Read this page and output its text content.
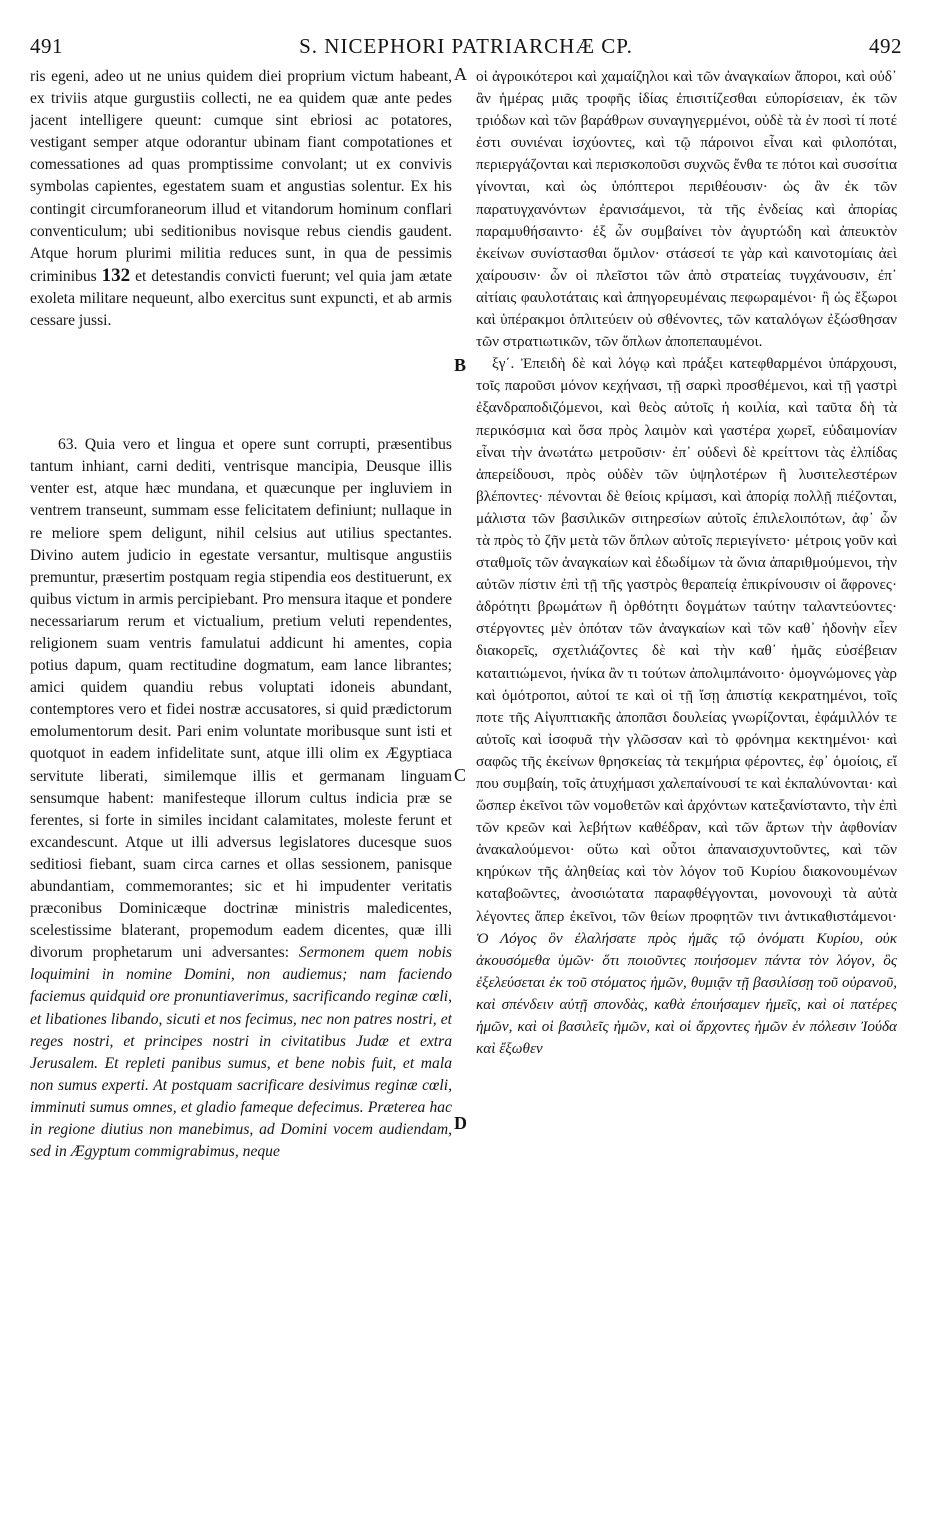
491	S. NICEPHORI PATRIARCHÆ CP.	492

ris egeni, adeo ut ne unius quidem diei proprium victum habeant, ex triviis atque gurgustiis collecti, ne ea quidem quæ ante pedes jacent intelligere queunt: cumque sint ebriosi ac potatores, vestigant semper atque odorantur ubinam fiant compotationes et comessationes ad quas promptissime convolant; ut ex convivis symbolas capientes, egestatem suam et angustias solentur. Ex his contingit circumforaneorum illud et vitandorum hominum conflari conventiculum; ubi seditionibus novisque rebus ciendis gaudent. Atque horum plurimi militia reduces sunt, in qua de pessimis criminibus 132 et detestandis convicti fuerunt; vel quia jam ætate exoleta militare nequeunt, albo exercitus sunt expuncti, et ab armis cessare jussi.

63. Quia vero et lingua et opere sunt corrupti, præsentibus tantum inhiant, carni dediti, ventrisque mancipia, Deusque illis venter est, atque hæc mundana, et quæcunque per ingluviem in ventrem transeunt, summam esse felicitatem definiunt; nullaque in re meliore spem deligunt, nihil celsius aut utilius spectantes. Divino autem judicio in egestate versantur, multisque angustiis premuntur, præsertim postquam regia stipendia eos destituerunt, ex quibus victum in armis percipiebant. Pro mensura itaque et pondere necessariarum rerum et victualium, pretium veluti rependentes, religionem suam ventris famulatui addicunt hi amentes, copia potius dapum, quam rectitudine dogmatum, eam lance librantes; amici quidem quandiu rebus voluptati idoneis abundant, contemptores vero et fidei nostræ accusatores, si quid prædictorum emolumentorum desit. Pari enim voluntate moribusque sunt isti et quotquot in eadem infidelitate sunt, atque illi olim ex Ægyptiaca servitute liberati, similemque illis et germanam linguam sensumque habent: manifesteque illorum cultus indicia præ se ferentes, si forte in similes incidant calamitates, moleste ferunt et excandescunt. Atque ut illi adversus legislatores ducesque suos seditiosi fiebant, suam circa carnes et ollas sessionem, panisque abundantiam, commemorantes; sic et hi impudenter veritatis præconibus Dominicæque doctrinæ ministris maledicentes, scelestissime blaterant, propemodum eadem dicentes, quæ illi divorum prophetarum uni adversantes: Sermonem quem nobis loquimini in nomine Domini, non audiemus; nam faciendo faciemus quidquid ore pronuntiaverimus, sacrificando reginæ cœli, et libationes libando, sicuti et nos fecimus, nec non patres nostri, et reges nostri, et principes nostri in civitatibus Judæ et extra Jerusalem. Et repleti panibus sumus, et bene nobis fuit, et mala non sumus experti. At postquam sacrificare desivimus reginæ cœli, imminuti sumus omnes, et gladio fameque defecimus. Præterea hac in regione diutius non manebimus, ad Domini vocem audiendam, sed in Ægyptum commigrabimus, neque

A
B
C
D

οἱ ἀγροικότεροι καὶ χαμαίζηλοι καὶ τῶν ἀναγκαίων ἄποροι, καὶ οὐδ᾽ ἂν ἡμέρας μιᾶς τροφῆς ἰδίας ἐπισιτίζεσθαι εὐπορίσειαν, ἐκ τῶν τριόδων καὶ τῶν βαράθρων συναγηγερμένοι, οὐδὲ τὰ ἐν ποσὶ τί ποτέ ἐστι συνιέναι ἰσχύοντες, καὶ τῷ πάροινοι εἶναι καὶ φιλοπόται, περιεργάζονται καὶ περισκοποῦσι συχνῶς ἔνθα τε πότοι καὶ συσσίτια γίνονται, καὶ ὡς ὑπόπτεροι περιθέουσιν· ὡς ἂν ἐκ τῶν παρατυγχανόντων ἐρανισάμενοι, τὰ τῆς ἐνδείας καὶ ἀπορίας παραμυθήσαιντο· ἐξ ὧν συμβαίνει τὸν ἀγυρτώδη καὶ ἀπευκτὸν ἐκείνων συνίστασθαι ὅμιλον· στάσεσί τε γὰρ καὶ καινοτομίαις ἀεὶ χαίρουσιν· ὧν οἱ πλεῖστοι τῶν ἀπὸ στρατείας τυγχάνουσιν, ἐπ᾽ αἰτίαις φαυλοτάταις καὶ ἀπηγορευμέναις πεφωραμένοι· ἢ ὡς ἔξωροι καὶ ὑπέρακμοι ὁπλιτεύειν οὐ σθένοντες, τῶν καταλόγων ἐξώσθησαν τῶν στρατιωτικῶν, τῶν ὅπλων ἀποπεπαυμένοι.

ξγ΄. Ἐπειδὴ δὲ καὶ λόγῳ καὶ πράξει κατεφθαρμένοι ὑπάρχουσι, τοῖς παροῦσι μόνον κεχήνασι, τῇ σαρκὶ προσθέμενοι, καὶ τῇ γαστρὶ ἐξανδραποδιζόμενοι, καὶ θεὸς αὐτοῖς ἡ κοιλία, καὶ ταῦτα δὴ τὰ περικόσμια καὶ ὅσα πρὸς λαιμὸν καὶ γαστέρα χωρεῖ, εὐδαιμονίαν εἶναι τὴν ἀνωτάτω μετροῦσιν· ἐπ᾽ οὐδενὶ δὲ κρείττονι τὰς ἐλπίδας ἀπερείδουσι, πρὸς οὐδὲν τῶν ὑψηλοτέρων ἢ λυσιτελεστέρων βλέποντες· πένονται δὲ θείοις κρίμασι, καὶ ἀπορίᾳ πολλῇ πιέζονται, μάλιστα τῶν βασιλικῶν σιτηρεσίων αὐτοῖς ἐπιλελοιπότων, ἀφ᾽ ὧν τὰ πρὸς τὸ ζῆν μετὰ τῶν ὅπλων αὐτοῖς περιεγίνετο· μέτροις γοῦν καὶ σταθμοῖς τῶν ἀναγκαίων καὶ ἐδωδίμων τὰ ὤνια ἀπαριθμούμενοι, τὴν αὐτῶν πίστιν ἐπὶ τῇ τῆς γαστρὸς θεραπείᾳ ἐπικρίνουσιν οἱ ἄφρονες· ἀδρότητι βρωμάτων ἢ ὀρθότητι δογμάτων ταύτην ταλαντεύοντες· στέργοντες μὲν ὁπόταν τῶν ἀναγκαίων καὶ τῶν καθ᾽ ἡδονὴν εἶεν διακορεῖς, σχετλιάζοντες δὲ καὶ τὴν καθ᾽ ἡμᾶς εὐσέβειαν καταιτιώμενοι, ἡνίκα ἂν τι τούτων ἀπολιμπάνοιτο· ὁμογνώμονες γὰρ καὶ ὁμότροποι, αὐτοί τε καὶ οἱ τῇ ἴσῃ ἀπιστίᾳ κεκρατημένοι, τοῖς ποτε τῆς Αἰγυπτιακῆς ἀποπᾶσι δουλείας γνωρίζονται, ἐφάμιλλόν τε αὐτοῖς καὶ ἰσοφυᾶ τὴν γλῶσσαν καὶ τὸ φρόνημα κεκτημένοι· καὶ σαφῶς τῆς ἐκείνων θρησκείας τὰ τεκμήρια φέροντες, ἐφ᾽ ὁμοίοις, εἴ που συμβαίη, τοῖς ἀτυχήμασι χαλεπαίνουσί τε καὶ ἐκπαλύνονται· καὶ ὥσπερ ἐκεῖνοι τῶν νομοθετῶν καὶ ἀρχόντων κατεξανίσταντο, τὴν ἐπὶ τῶν κρεῶν καὶ λεβήτων καθέδραν, καὶ τῶν ἄρτων τὴν ἀφθονίαν ἀνακαλούμενοι· οὕτω καὶ οὗτοι ἀπαναισχυντοῦντες, καὶ τῶν κηρύκων τῆς ἀληθείας καὶ τὸν λόγον τοῦ Κυρίου διακονουμένων καταβοῶντες, ἀνοσιώτατα παραφθέγγονται, μονονουχὶ τὰ αὐτὰ λέγοντες ἅπερ ἐκεῖνοι, τῶν θείων προφητῶν τινι ἀντικαθιστάμενοι· Ὁ Λόγος ὃν ἐλαλήσατε πρὸς ἡμᾶς τῷ ὀνόματι Κυρίου, οὐκ ἀκουσόμεθα ὑμῶν· ὅτι ποιοῦντες ποιήσομεν πάντα τὸν λόγον, ὃς ἐξελεύσεται ἐκ τοῦ στόματος ἡμῶν, θυμιᾷν τῇ βασιλίσσῃ τοῦ οὐρανοῦ, καὶ σπένδειν αὐτῇ σπονδὰς, καθὰ ἐποιήσαμεν ἡμεῖς, καὶ οἱ πατέρες ἡμῶν, καὶ οἱ βασιλεῖς ἡμῶν, καὶ οἱ ἄρχοντες ἡμῶν ἐν πόλεσιν Ἰούδα καὶ ἔξωθεν
